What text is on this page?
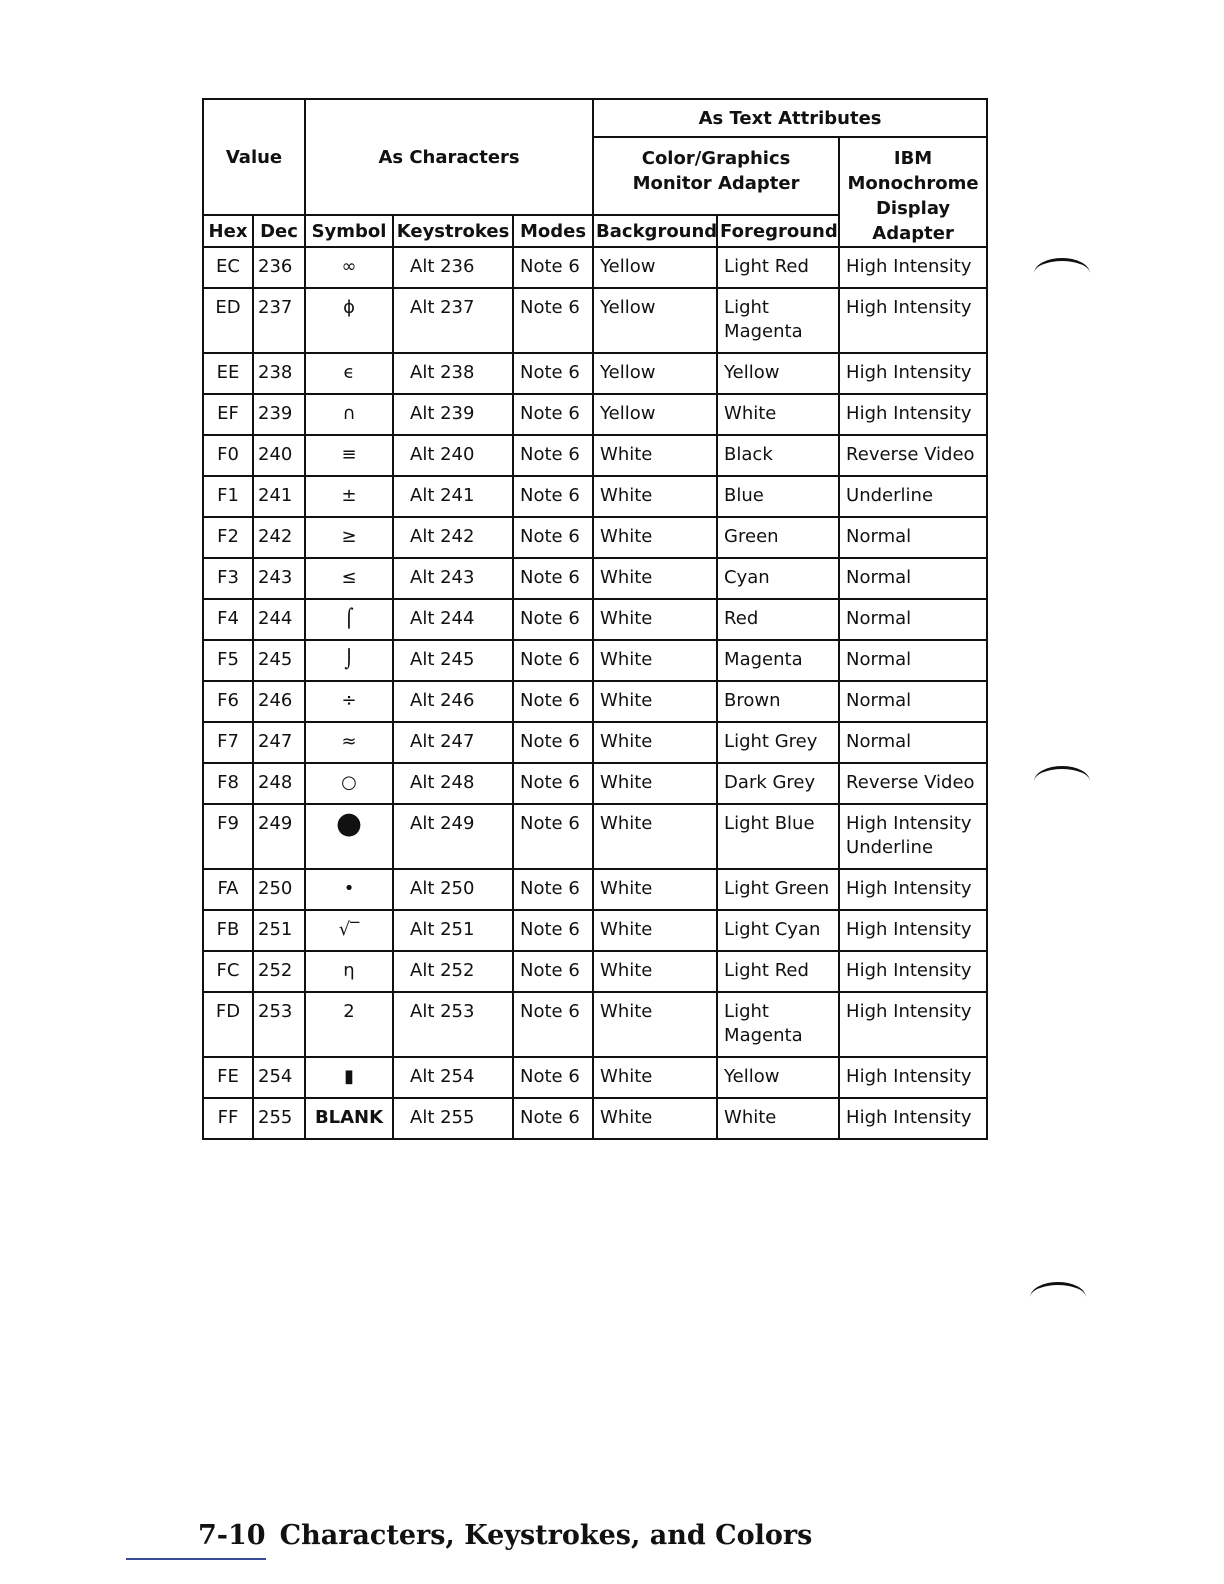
Value		As Characters			As Text Attributes		
					Color/Graphics Monitor Adapter		IBM Monochrome Display Adapter
Hex	Dec	Symbol	Keystrokes	Modes	Background	Foreground	
EC	236	∞	Alt 236	Note 6	Yellow	Light Red	High Intensity
ED	237	ϕ	Alt 237	Note 6	Yellow	Light Magenta	High Intensity
EE	238	ϵ	Alt 238	Note 6	Yellow	Yellow	High Intensity
EF	239	∩	Alt 239	Note 6	Yellow	White	High Intensity
F0	240	≡	Alt 240	Note 6	White	Black	Reverse Video
F1	241	±	Alt 241	Note 6	White	Blue	Underline
F2	242	≥	Alt 242	Note 6	White	Green	Normal
F3	243	≤	Alt 243	Note 6	White	Cyan	Normal
F4	244	⌠	Alt 244	Note 6	White	Red	Normal
F5	245	⌡	Alt 245	Note 6	White	Magenta	Normal
F6	246	÷	Alt 246	Note 6	White	Brown	Normal
F7	247	≈	Alt 247	Note 6	White	Light Grey	Normal
F8	248	○	Alt 248	Note 6	White	Dark Grey	Reverse Video
F9	249	●	Alt 249	Note 6	White	Light Blue	High Intensity Underline
FA	250	•	Alt 250	Note 6	White	Light Green	High Intensity
FB	251	√‾	Alt 251	Note 6	White	Light Cyan	High Intensity
FC	252	η	Alt 252	Note 6	White	Light Red	High Intensity
FD	253	2	Alt 253	Note 6	White	Light Magenta	High Intensity
FE	254	▮	Alt 254	Note 6	White	Yellow	High Intensity
FF	255	BLANK	Alt 255	Note 6	White	White	High Intensity
7-10 Characters, Keystrokes, and Colors
